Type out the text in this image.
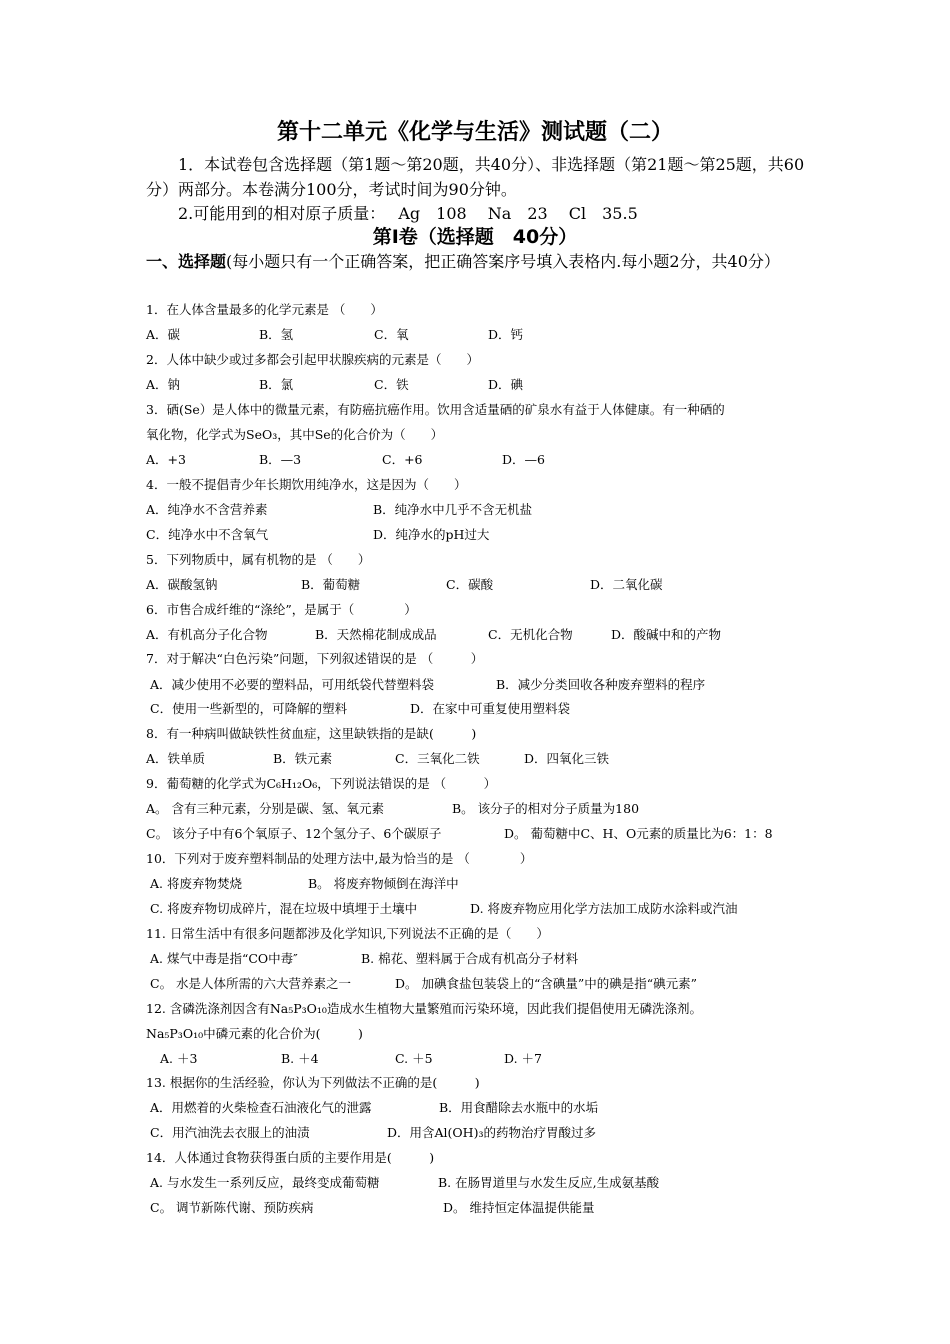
第十二单元《化学与生活》测试题（二）
1．本试卷包含选择题（第1题～第20题，共40分）、非选择题（第21题～第25题，共60分）两部分。本卷满分100分，考试时间为90分钟。
2.可能用到的相对原子质量：　 Ag　108　 Na　23　 Cl　35.5
第Ⅰ卷（选择题　40分）
一、选择题(每小题只有一个正确答案，把正确答案序号填入表格内.每小题2分，共40分）
1．在人体含量最多的化学元素是 （　　）
A．碳	B．氢	C．氧	D．钙
2．人体中缺少或过多都会引起甲状腺疾病的元素是（　　）
A．钠	B．氯	C．铁	D．碘
3．硒(Se）是人体中的微量元素，有防癌抗癌作用。饮用含适量硒的矿泉水有益于人体健康。有一种硒的
氧化物，化学式为SeO₃，其中Se的化合价为（　　）
A．+3	B．—3	C．+6	D．—6
4．一般不提倡青少年长期饮用纯净水，这是因为（　　）
A．纯净水不含营养素	B．纯净水中几乎不含无机盐
C．纯净水中不含氧气	D．纯净水的pH过大
5．下列物质中，属有机物的是 （　　）
A．碳酸氢钠	B．葡萄糖	C．碳酸	D．二氧化碳
6．市售合成纤维的“涤纶”，是属于（　　　　）
A．有机高分子化合物	B．天然棉花制成成品	C．无机化合物	D．酸碱中和的产物
7．对于解决“白色污染”问题，下列叙述错误的是 （　　　）
A．减少使用不必要的塑料品，可用纸袋代替塑料袋	B．减少分类回收各种废弃塑料的程序
C．使用一些新型的，可降解的塑料	D．在家中可重复使用塑料袋
8．有一种病叫做缺铁性贫血症，这里缺铁指的是缺(　　　)
A．铁单质	B．铁元素	C．三氧化二铁	D．四氧化三铁
9．葡萄糖的化学式为C₆H₁₂O₆，下列说法错误的是 （　　　）
A。 含有三种元素，分别是碳、氢、氧元素	B。 该分子的相对分子质量为180
C。 该分子中有6个氧原子、12个氢分子、6个碳原子	D。 葡萄糖中C、H、O元素的质量比为6：1：8
10．下列对于废弃塑料制品的处理方法中,最为恰当的是 （　　　　）
A. 将废弃物焚烧	B。 将废弃物倾倒在海洋中
C. 将废弃物切成碎片，混在垃圾中填埋于土壤中	D. 将废弃物应用化学方法加工成防水涂料或汽油
11. 日常生活中有很多问题都涉及化学知识,下列说法不正确的是（　　）
A. 煤气中毒是指“CO中毒″	B. 棉花、塑料属于合成有机高分子材料
C。 水是人体所需的六大营养素之一	D。 加碘食盐包装袋上的“含碘量”中的碘是指“碘元素”
12. 含磷洗涤剂因含有Na₅P₃O₁₀造成水生植物大量繁殖而污染环境，因此我们提倡使用无磷洗涤剂。
Na₅P₃O₁₀中磷元素的化合价为(　　　)
A. ＋3	B. ＋4	C. ＋5	D. ＋7
13. 根据你的生活经验，你认为下列做法不正确的是(　　　)
A．用燃着的火柴检查石油液化气的泄露	B．用食醋除去水瓶中的水垢
C．用汽油洗去衣服上的油渍	D．用含Al(OH)₃的药物治疗胃酸过多
14．人体通过食物获得蛋白质的主要作用是(　　　)
A. 与水发生一系列反应，最终变成葡萄糖	B. 在肠胃道里与水发生反应,生成氨基酸
C。 调节新陈代谢、预防疾病	D。 维持恒定体温提供能量
